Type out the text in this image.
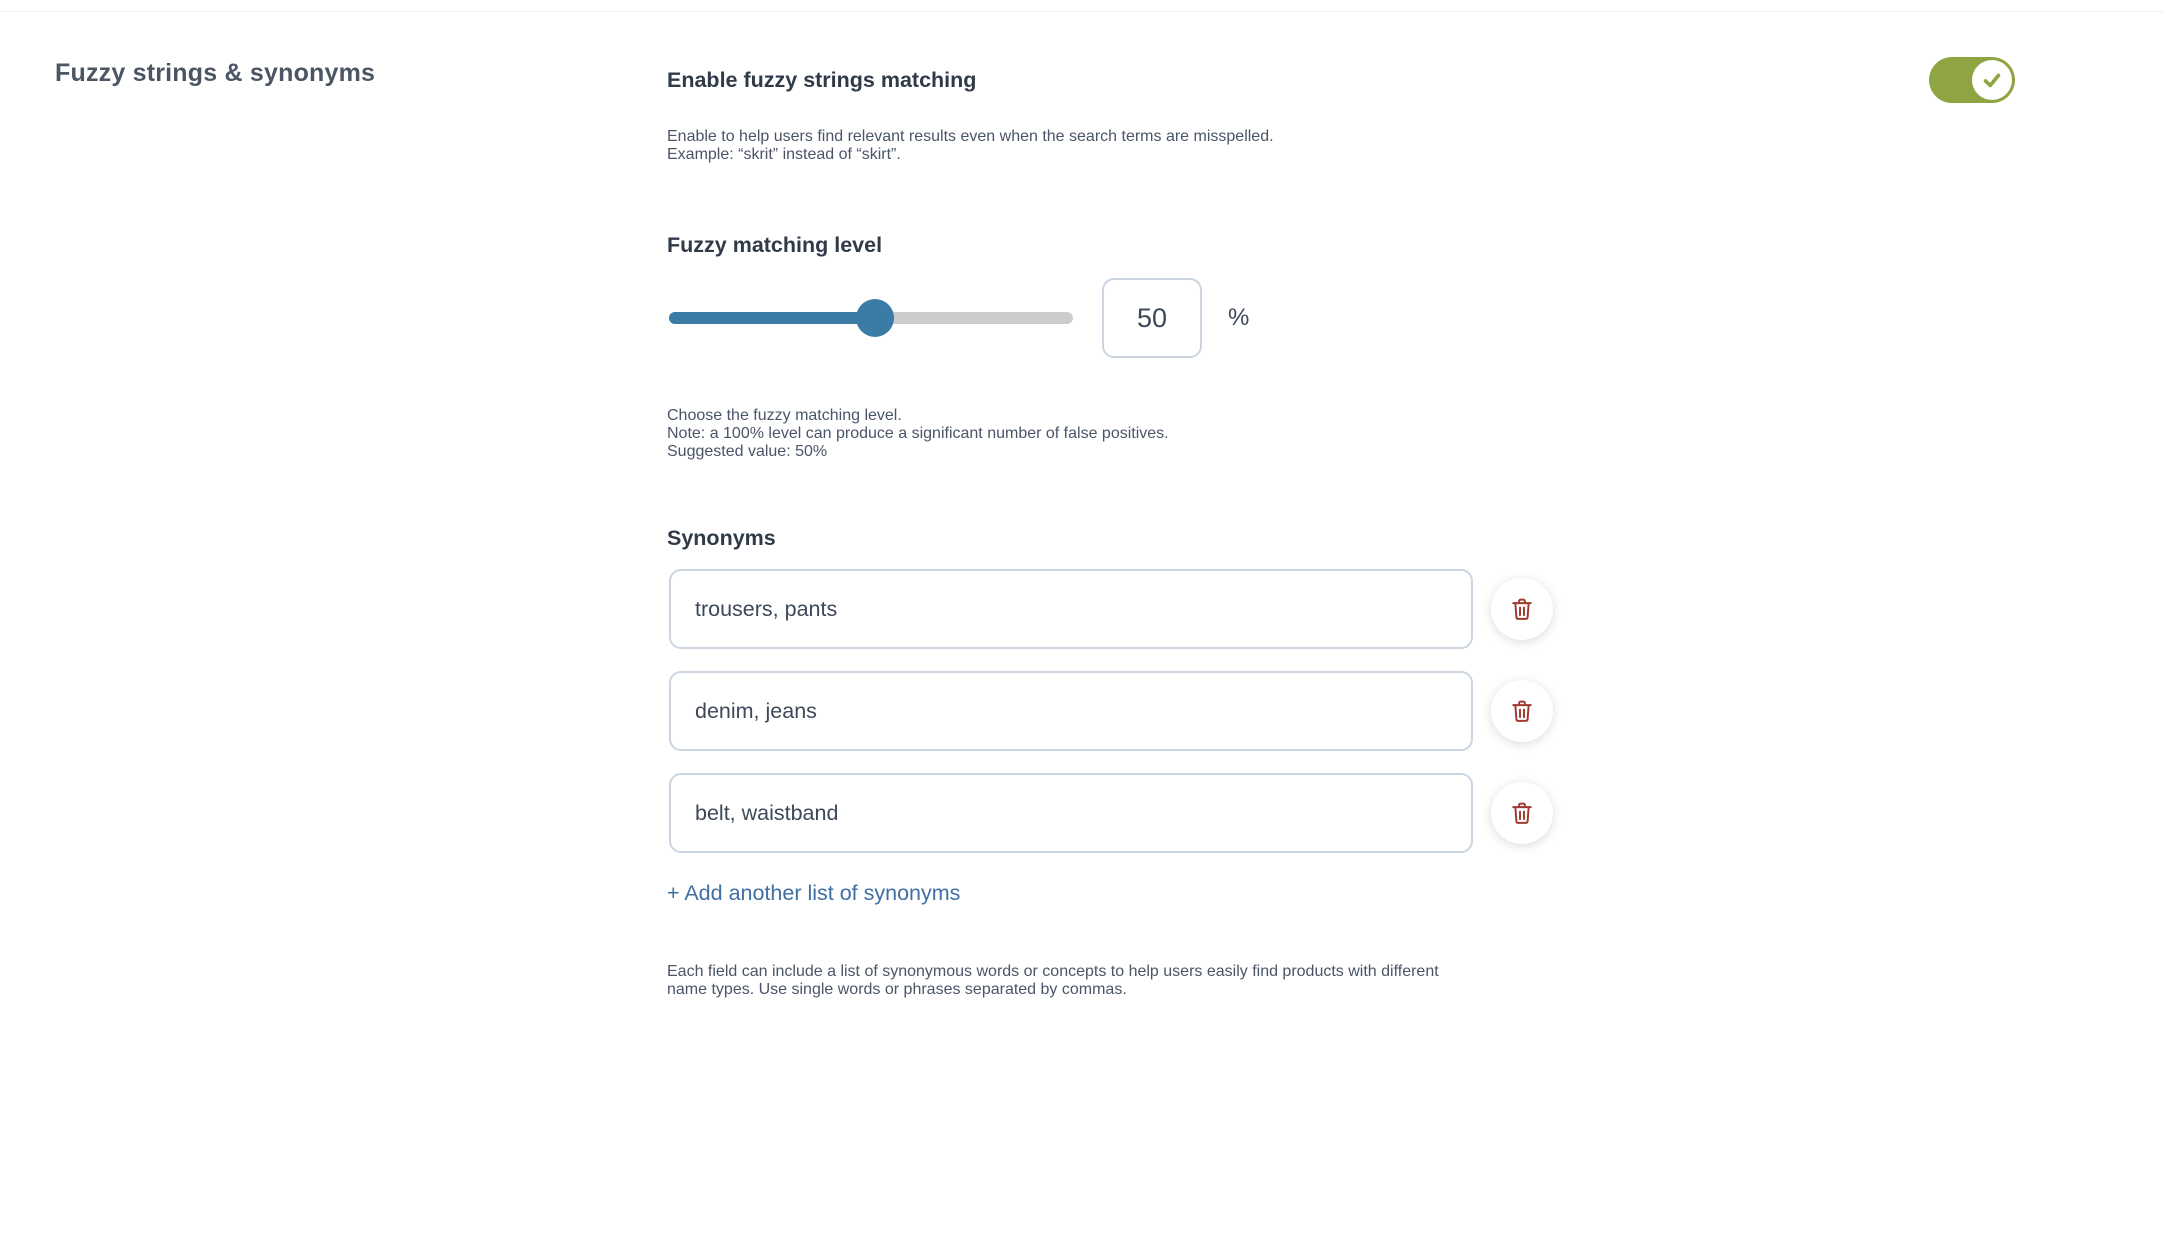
Fuzzy strings & synonyms	Enable fuzzy strings matching

Enable to help users find relevant results even when the search terms are misspelled.
Example: “skrit” instead of “skirt”.

Fuzzy matching level
50
%

Choose the fuzzy matching level.
Note: a 100% level can produce a significant number of false positives.
Suggested value: 50%

Synonyms
trousers, pants
denim, jeans
belt, waistband
+ Add another list of synonyms

Each field can include a list of synonymous words or concepts to help users easily find products with different
name types. Use single words or phrases separated by commas.
